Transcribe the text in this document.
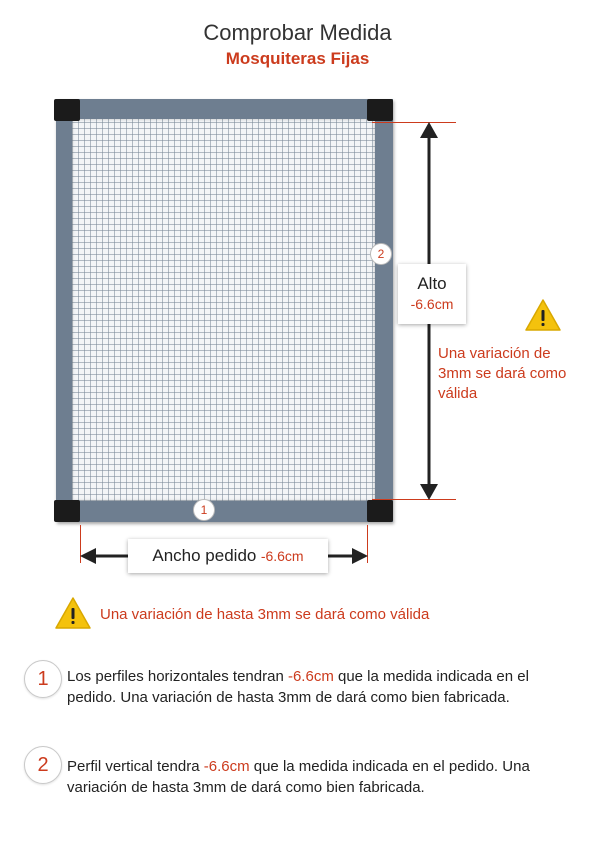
Comprobar Medida
Mosquiteras Fijas
1
2
Alto
-6.6cm
Una variación de 3mm se dará como válida
Ancho pedido -6.6cm
Una variación de hasta 3mm se dará como válida
1	Los perfiles horizontales tendran -6.6cm que la medida indicada en el pedido. Una variación de hasta 3mm de dará como bien fabricada.
2	Perfil vertical tendra -6.6cm que la medida indicada en el pedido. Una variación de hasta 3mm de dará como bien fabricada.
